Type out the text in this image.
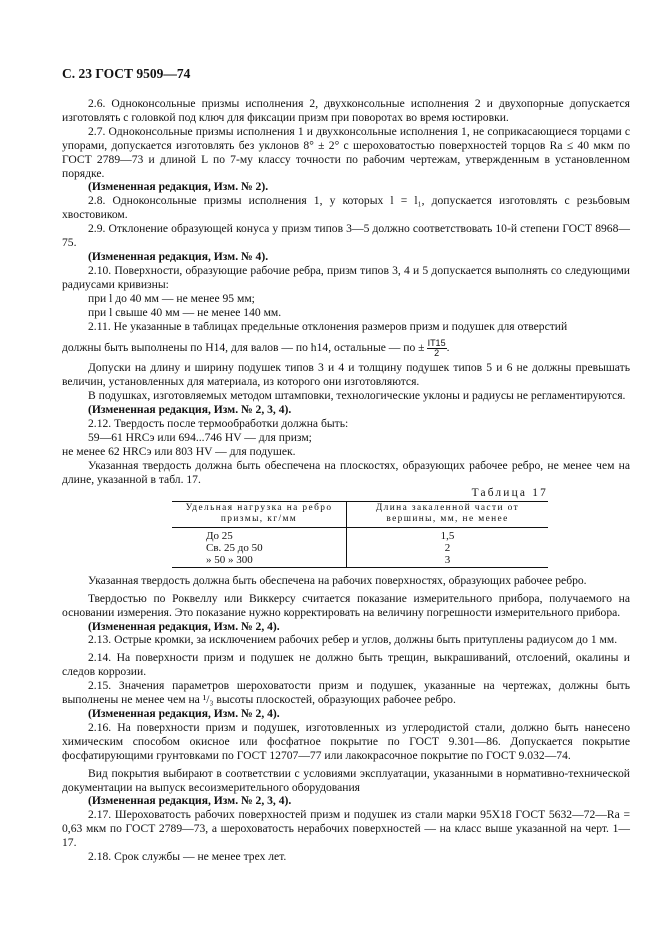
С. 23 ГОСТ 9509—74

2.6. Одноконсольные призмы исполнения 2, двухконсольные исполнения 2 и двухопорные допускается изготовлять с головкой под ключ для фиксации призм при поворотах во время юстировки.

2.7. Одноконсольные призмы исполнения 1 и двухконсольные исполнения 1, не соприкасающиеся торцами с упорами, допускается изготовлять без уклонов 8° ± 2° с шероховатостью поверхностей торцов Ra ≤ 40 мкм по ГОСТ 2789—73 и длиной L по 7-му классу точности по рабочим чертежам, утвержденным в установленном порядке.

(Измененная редакция, Изм. № 2).

2.8. Одноконсольные призмы исполнения 1, у которых l = l₁, допускается изготовлять с резьбовым хвостовиком.

2.9. Отклонение образующей конуса у призм типов 3—5 должно соответствовать 10-й степени ГОСТ 8968—75.

(Измененная редакция, Изм. № 4).

2.10. Поверхности, образующие рабочие ребра, призм типов 3, 4 и 5 допускается выполнять со следующими радиусами кривизны:

при l до 40 мм — не менее 95 мм;

при l свыше 40 мм — не менее 140 мм.

2.11. Не указанные в таблицах предельные отклонения размеров призм и подушек для отверстий

должны быть выполнены по Н14, для валов — по h14, остальные — по ± $\frac{IT15}{2}$ .

Допуски на длину и ширину подушек типов 3 и 4 и толщину подушек типов 5 и 6 не должны превышать величин, установленных для материала, из которого они изготовляются.

В подушках, изготовляемых методом штамповки, технологические уклоны и радиусы не регламентируются.

(Измененная редакция, Изм. № 2, 3, 4).

2.12. Твердость после термообработки должна быть:

59—61 HRCэ или 694...746 HV — для призм;

не менее 62 HRCэ или 803 HV — для подушек.

Указанная твердость должна быть обеспечена на плоскостях, образующих рабочее ребро, не менее чем на длине, указанной в табл. 17.

Таблица 17
Удельная нагрузка на ребро призмы, кг/мм	Длина закаленной части от вершины, мм, не менее
До 25	1,5
Св. 25 до 50	2
» 50 » 300	3

Указанная твердость должна быть обеспечена на рабочих поверхностях, образующих рабочее ребро.

Твердостью по Роквеллу или Виккерсу считается показание измерительного прибора, получаемого на основании измерения. Это показание нужно корректировать на величину погрешности измерительного прибора.

(Измененная редакция, Изм. № 2, 4).

2.13. Острые кромки, за исключением рабочих ребер и углов, должны быть притуплены радиусом до 1 мм.

2.14. На поверхности призм и подушек не должно быть трещин, выкрашиваний, отслоений, окалины и следов коррозии.

2.15. Значения параметров шероховатости призм и подушек, указанные на чертежах, должны быть выполнены не менее чем на ¹/₃ высоты плоскостей, образующих рабочее ребро.

(Измененная редакция, Изм. № 2, 4).

2.16. На поверхности призм и подушек, изготовленных из углеродистой стали, должно быть нанесено химическим способом окисное или фосфатное покрытие по ГОСТ 9.301—86. Допускается покрытие фосфатирующими грунтовками по ГОСТ 12707—77 или лакокрасочное покрытие по ГОСТ 9.032—74.

Вид покрытия выбирают в соответствии с условиями эксплуатации, указанными в нормативно-технической документации на выпуск весоизмерительного оборудования

(Измененная редакция, Изм. № 2, 3, 4).

2.17. Шероховатость рабочих поверхностей призм и подушек из стали марки 95Х18 ГОСТ 5632—72—Ra = 0,63 мкм по ГОСТ 2789—73, а шероховатость нерабочих поверхностей — на класс выше указанной на черт. 1—17.

2.18. Срок службы — не менее трех лет.
